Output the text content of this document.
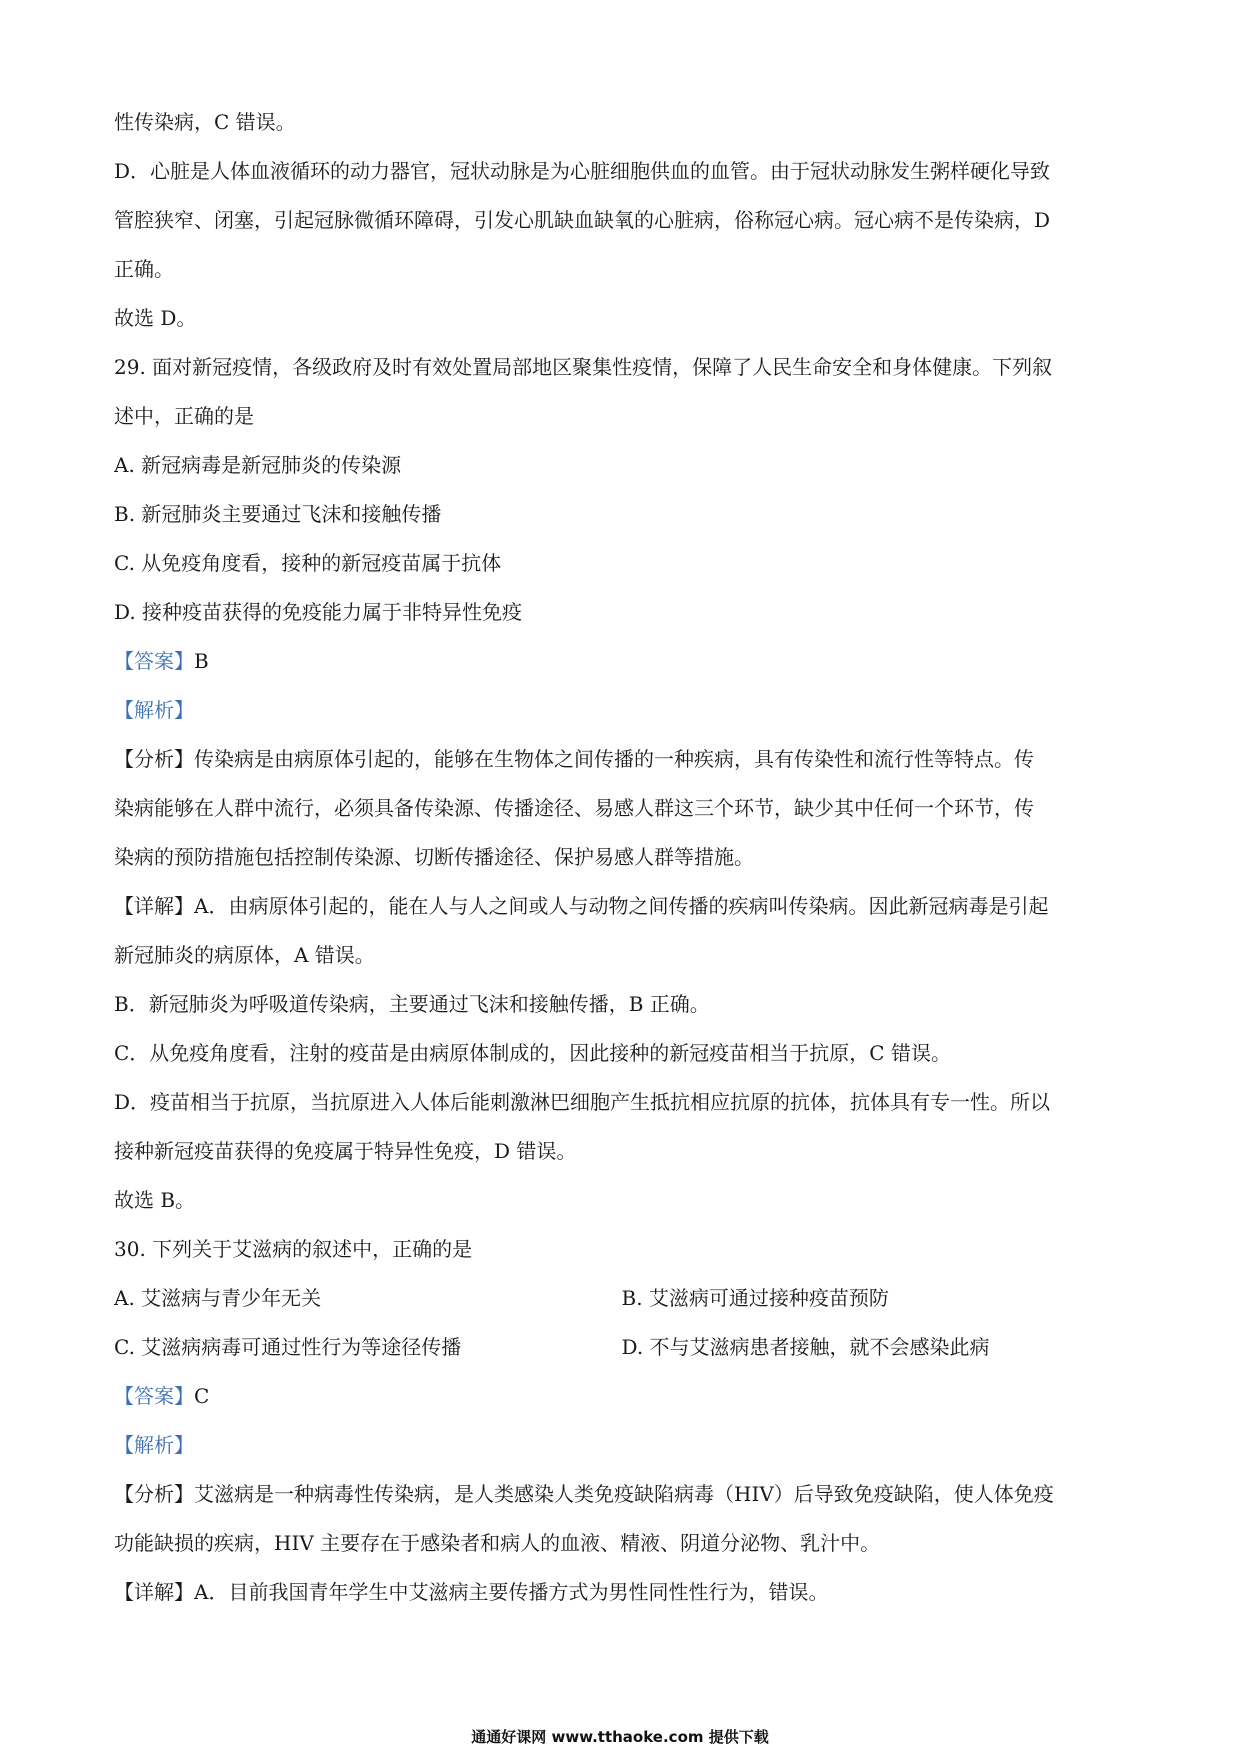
性传染病，C 错误。
D．心脏是人体血液循环的动力器官，冠状动脉是为心脏细胞供血的血管。由于冠状动脉发生粥样硬化导致
管腔狭窄、闭塞，引起冠脉微循环障碍，引发心肌缺血缺氧的心脏病，俗称冠心病。冠心病不是传染病，D
正确。
故选 D。
29. 面对新冠疫情，各级政府及时有效处置局部地区聚集性疫情，保障了人民生命安全和身体健康。下列叙
述中，正确的是
A. 新冠病毒是新冠肺炎的传染源
B. 新冠肺炎主要通过飞沫和接触传播
C. 从免疫角度看，接种的新冠疫苗属于抗体
D. 接种疫苗获得的免疫能力属于非特异性免疫
【答案】B
【解析】
【分析】传染病是由病原体引起的，能够在生物体之间传播的一种疾病，具有传染性和流行性等特点。传
染病能够在人群中流行，必须具备传染源、传播途径、易感人群这三个环节，缺少其中任何一个环节，传
染病的预防措施包括控制传染源、切断传播途径、保护易感人群等措施。
【详解】A．由病原体引起的，能在人与人之间或人与动物之间传播的疾病叫传染病。因此新冠病毒是引起
新冠肺炎的病原体，A 错误。
B．新冠肺炎为呼吸道传染病，主要通过飞沫和接触传播，B 正确。
C．从免疫角度看，注射的疫苗是由病原体制成的，因此接种的新冠疫苗相当于抗原，C 错误。
D．疫苗相当于抗原，当抗原进入人体后能刺激淋巴细胞产生抵抗相应抗原的抗体，抗体具有专一性。所以
接种新冠疫苗获得的免疫属于特异性免疫，D 错误。
故选 B。
30. 下列关于艾滋病的叙述中，正确的是
A. 艾滋病与青少年无关	B. 艾滋病可通过接种疫苗预防
C. 艾滋病病毒可通过性行为等途径传播	D. 不与艾滋病患者接触，就不会感染此病
【答案】C
【解析】
【分析】艾滋病是一种病毒性传染病，是人类感染人类免疫缺陷病毒（HIV）后导致免疫缺陷，使人体免疫
功能缺损的疾病，HIV 主要存在于感染者和病人的血液、精液、阴道分泌物、乳汁中。
【详解】A．目前我国青年学生中艾滋病主要传播方式为男性同性性行为，错误。
通通好课网 www.tthaoke.com 提供下载
